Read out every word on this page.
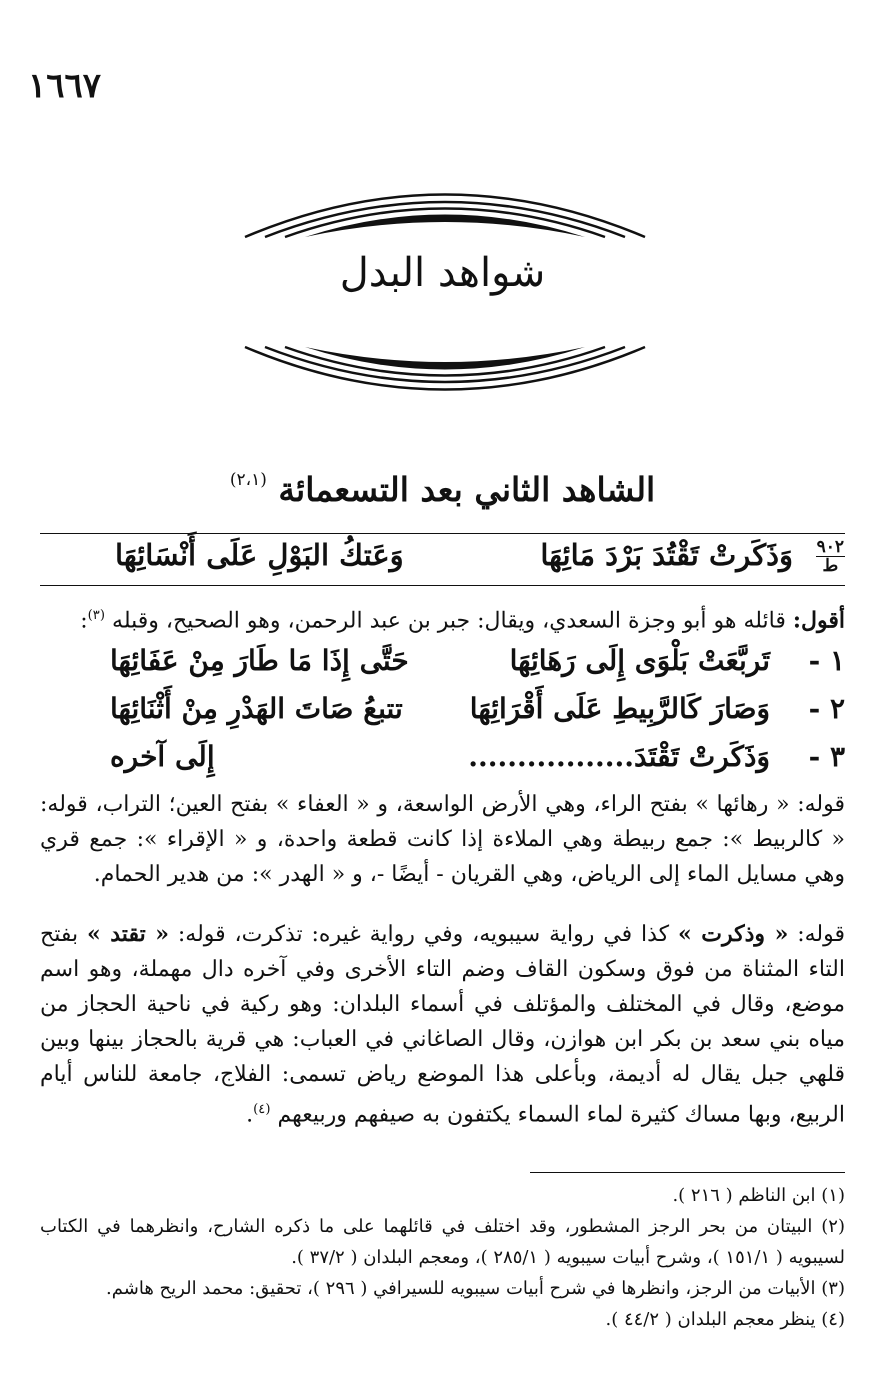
١٦٦٧
شواهد البدل
الشاهد الثاني بعد التسعمائة $^{(٢،١)}$
٩٠٢
ط
وَذَكَرتْ تَقْتُدَ بَرْدَ مَائِهَا
وَعَتكُ البَوْلِ عَلَى أَنْسَائِهَا
أقول: قائله هو أبو وجزة السعدي، ويقال: جبر بن عبد الرحمن، وهو الصحيح، وقبله $^{(٣)}$:
١ -
تَربَّعَتْ بَلْوَى إِلَى رَهَائِهَا
حَتَّى إِذَا مَا طَارَ مِنْ عَفَائِهَا
٢ -
وَصَارَ كَالرَّبِيطِ عَلَى أَقْرَائِهَا
تتبعُ صَاتَ الهَدْرِ مِنْ أَثْنَائِهَا
٣ -
وَذَكَرتْ تَقْتَدَ.................
إِلَى آخره
قوله: « رهائها » بفتح الراء، وهي الأرض الواسعة، و « العفاء » بفتح العين؛ التراب، قوله: « كالربيط »: جمع ربيطة وهي الملاءة إذا كانت قطعة واحدة، و « الإقراء »: جمع قري وهي مسايل الماء إلى الرياض، وهي القريان - أيضًا -، و « الهدر »: من هدير الحمام.
قوله: « وذكرت » كذا في رواية سيبويه، وفي رواية غيره: تذكرت، قوله: « تقتد » بفتح التاء المثناة من فوق وسكون القاف وضم التاء الأخرى وفي آخره دال مهملة، وهو اسم موضع، وقال في المختلف والمؤتلف في أسماء البلدان: وهو ركية في ناحية الحجاز من مياه بني سعد بن بكر ابن هوازن، وقال الصاغاني في العباب: هي قرية بالحجاز بينها وبين قلهي جبل يقال له أديمة، وبأعلى هذا الموضع رياض تسمى: الفلاج، جامعة للناس أيام الربيع، وبها مساك كثيرة لماء السماء يكتفون به صيفهم وربيعهم $^{(٤)}$.
(١) ابن الناظم ( ٢١٦ ).
(٢) البيتان من بحر الرجز المشطور، وقد اختلف في قائلهما على ما ذكره الشارح، وانظرهما في الكتاب لسيبويه ( ١٥١/١ )، وشرح أبيات سيبويه ( ٢٨٥/١ )، ومعجم البلدان ( ٣٧/٢ ).
(٣) الأبيات من الرجز، وانظرها في شرح أبيات سيبويه للسيرافي ( ٢٩٦ )، تحقيق: محمد الريح هاشم.
(٤) ينظر معجم البلدان ( ٤٤/٢ ).
